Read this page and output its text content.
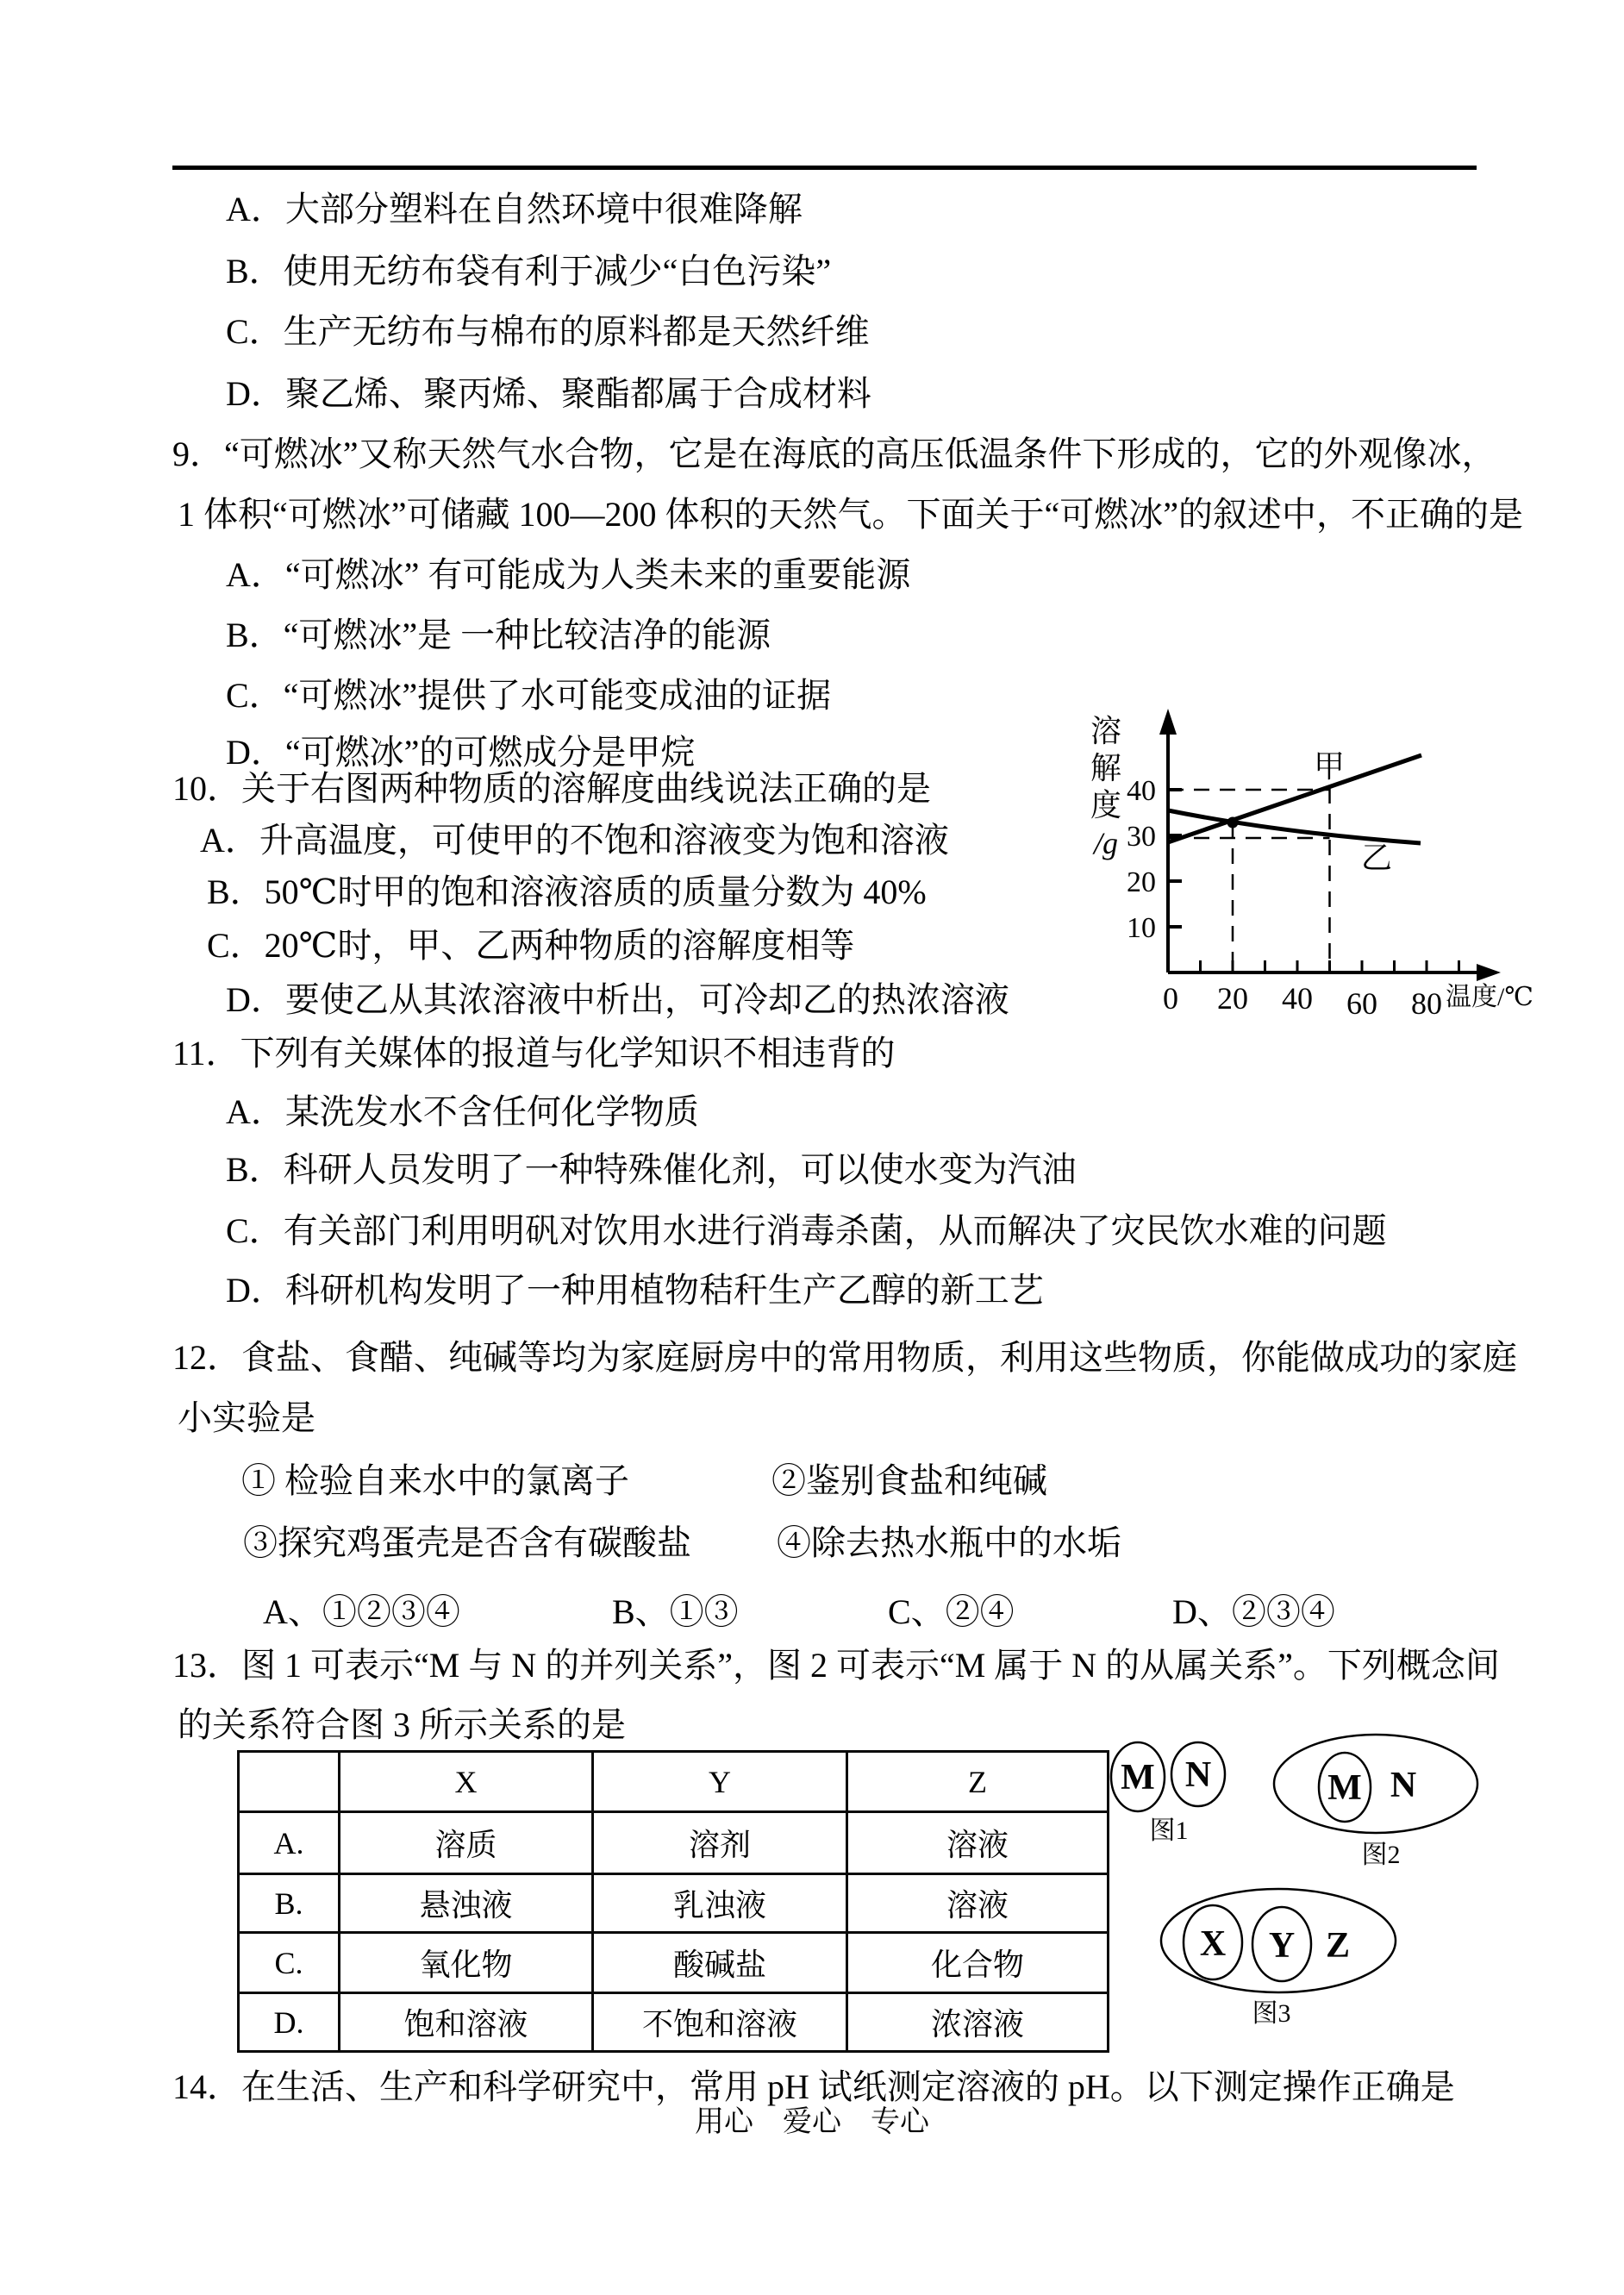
A．大部分塑料在自然环境中很难降解
B．使用无纺布袋有利于减少“白色污染”
C．生产无纺布与棉布的原料都是天然纤维
D．聚乙烯、聚丙烯、聚酯都属于合成材料
9．“可燃冰”又称天然气水合物，它是在海底的高压低温条件下形成的，它的外观像冰，
1 体积“可燃冰”可储藏 100—200 体积的天然气。下面关于“可燃冰”的叙述中，不正确的是
A．“可燃冰” 有可能成为人类未来的重要能源
B．“可燃冰”是 一种比较洁净的能源
C．“可燃冰”提供了水可能变成油的证据
D．“可燃冰”的可燃成分是甲烷
10．关于右图两种物质的溶解度曲线说法正确的是
A．升高温度，可使甲的不饱和溶液变为饱和溶液
B．50℃时甲的饱和溶液溶质的质量分数为 40%
C．20℃时，甲、乙两种物质的溶解度相等
D．要使乙从其浓溶液中析出，可冷却乙的热浓溶液
溶
解
度
/g
40
30
20
10
0 20 40 60 80 温度/℃
甲
乙
11．下列有关媒体的报道与化学知识不相违背的
A．某洗发水不含任何化学物质
B．科研人员发明了一种特殊催化剂，可以使水变为汽油
C．有关部门利用明矾对饮用水进行消毒杀菌，从而解决了灾民饮水难的问题
D．科研机构发明了一种用植物秸秆生产乙醇的新工艺
12．食盐、食醋、纯碱等均为家庭厨房中的常用物质，利用这些物质，你能做成功的家庭
小实验是
① 检验自来水中的氯离子	②鉴别食盐和纯碱
③探究鸡蛋壳是否含有碳酸盐 ④除去热水瓶中的水垢
A、①②③④	B、①③	C、②④	D、②③④
13．图 1 可表示“M 与 N 的并列关系”，图 2 可表示“M 属于 N 的从属关系”。下列概念间
的关系符合图 3 所示关系的是
	X	Y	Z
A.	溶质	溶剂	溶液
B.	悬浊液	乳浊液	溶液
C.	氧化物	酸碱盐	化合物
D.	饱和溶液	不饱和溶液	浓溶液
M N
图1
M N
图2
X Y Z
图3
14．在生活、生产和科学研究中，常用 pH 试纸测定溶液的 pH。以下测定操作正确是
用心　爱心　专心
